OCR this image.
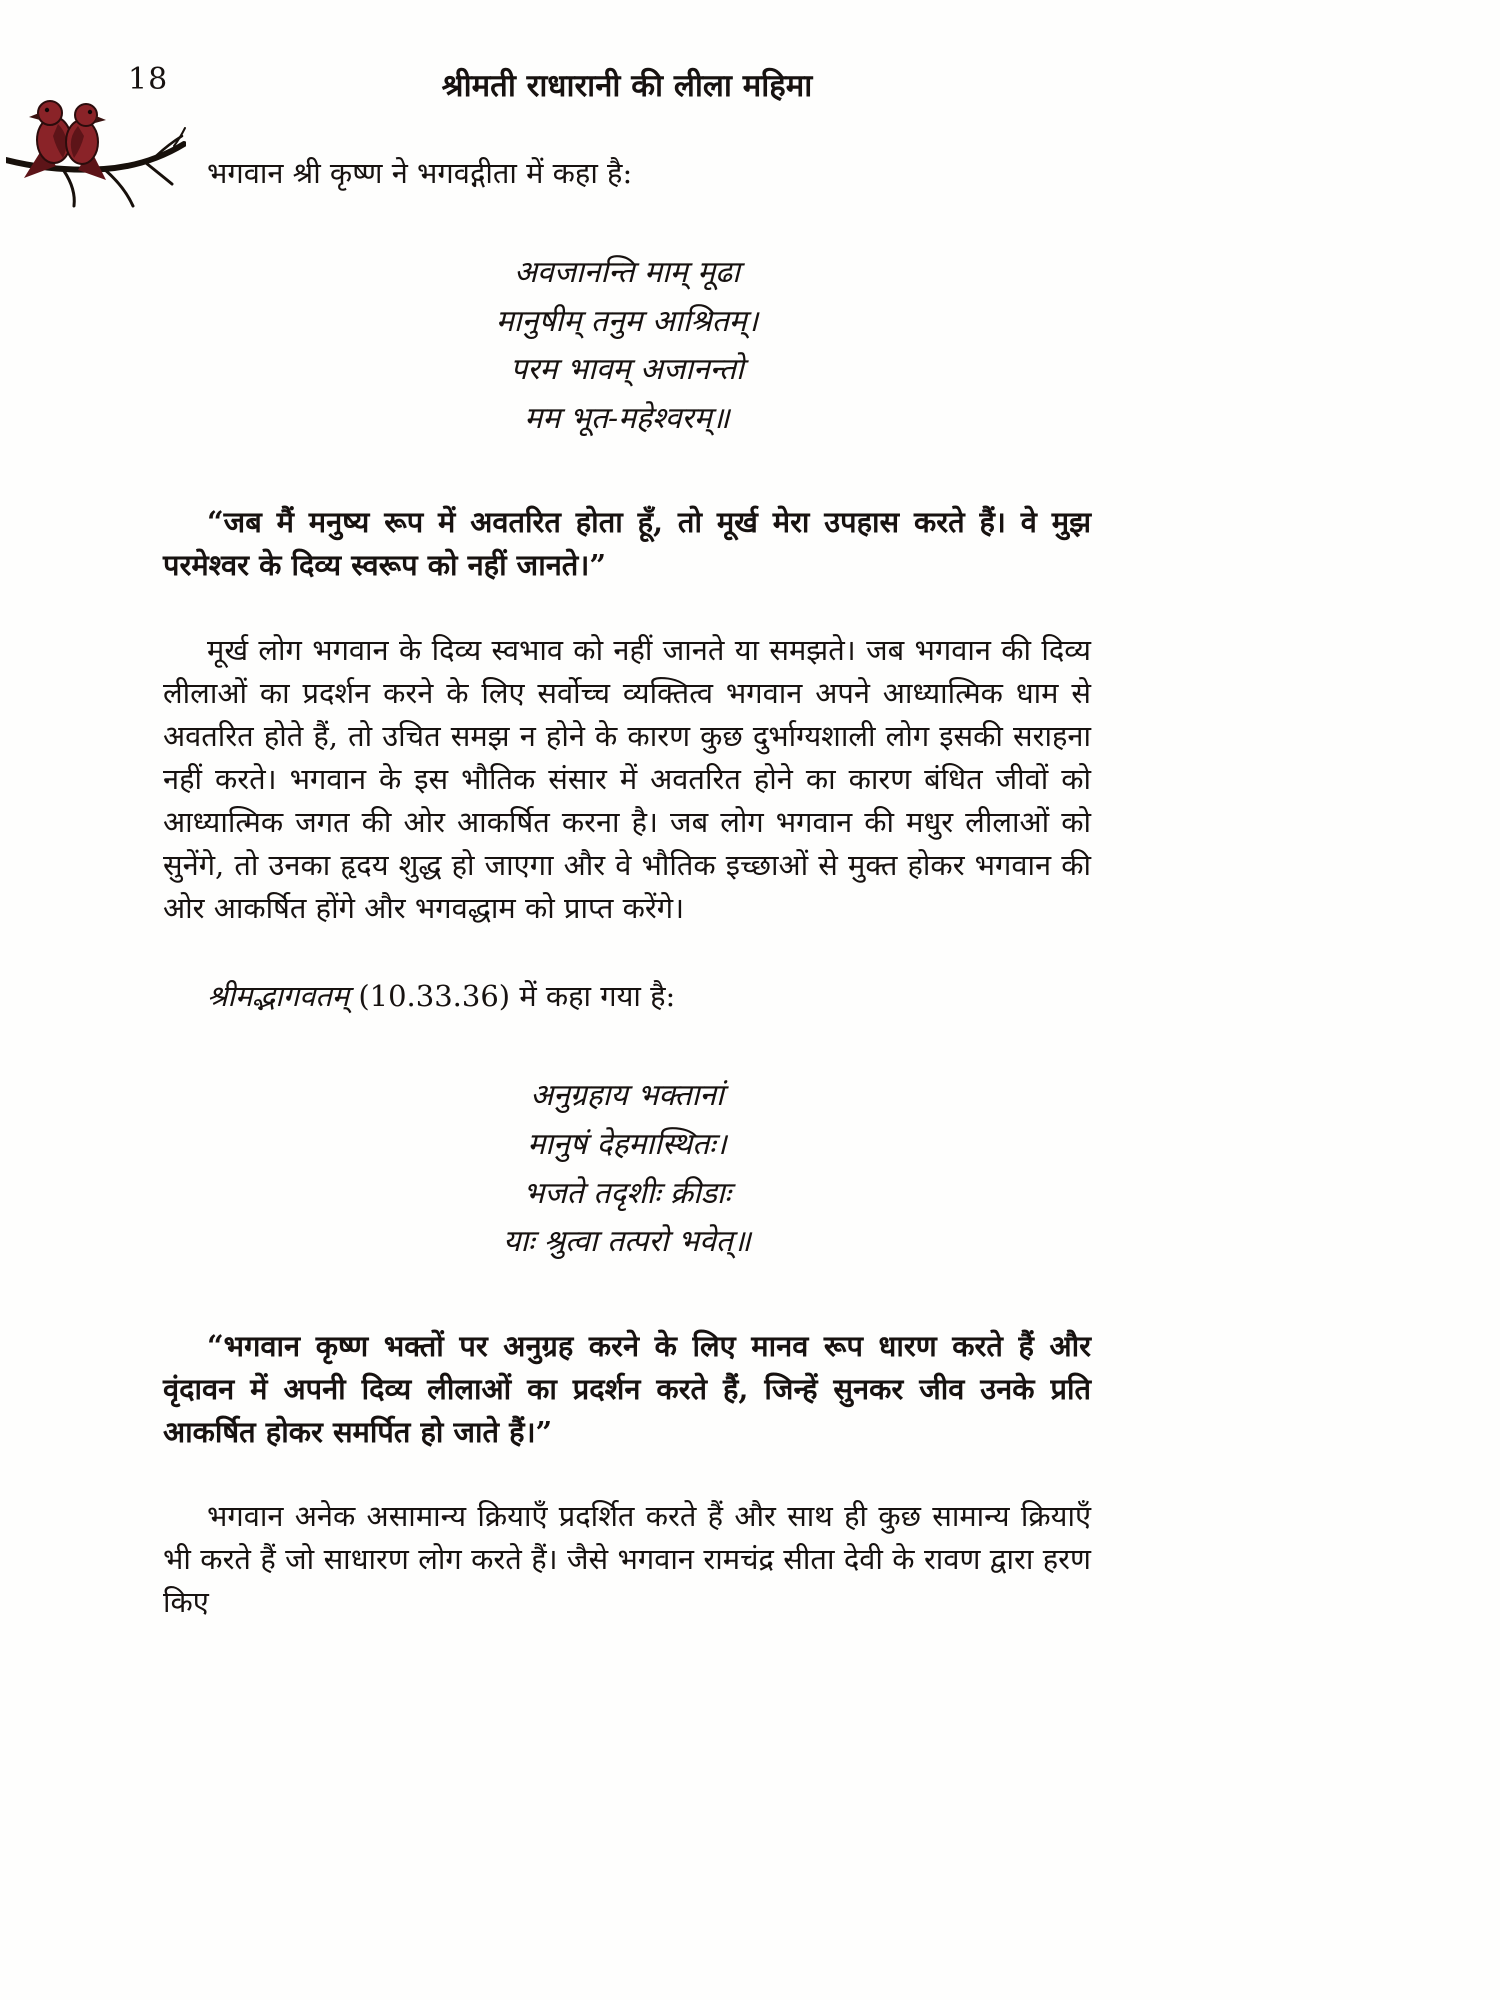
18	श्रीमती राधारानी की लीला महिमा

भगवान श्री कृष्ण ने भगवद्गीता में कहा है:

अवजानन्ति माम् मूढा
मानुषीम् तनुम आश्रितम्।
परम भावम् अजानन्तो
मम भूत-महेश्वरम्॥

“जब मैं मनुष्य रूप में अवतरित होता हूँ, तो मूर्ख मेरा उपहास करते हैं। वे मुझ परमेश्वर के दिव्य स्वरूप को नहीं जानते।”

मूर्ख लोग भगवान के दिव्य स्वभाव को नहीं जानते या समझते। जब भगवान की दिव्य लीलाओं का प्रदर्शन करने के लिए सर्वोच्च व्यक्तित्व भगवान अपने आध्यात्मिक धाम से अवतरित होते हैं, तो उचित समझ न होने के कारण कुछ दुर्भाग्यशाली लोग इसकी सराहना नहीं करते। भगवान के इस भौतिक संसार में अवतरित होने का कारण बंधित जीवों को आध्यात्मिक जगत की ओर आकर्षित करना है। जब लोग भगवान की मधुर लीलाओं को सुनेंगे, तो उनका हृदय शुद्ध हो जाएगा और वे भौतिक इच्छाओं से मुक्त होकर भगवान की ओर आकर्षित होंगे और भगवद्धाम को प्राप्त करेंगे।

श्रीमद्भागवतम् (10.33.36) में कहा गया है:

अनुग्रहाय भक्तानां
मानुषं देहमास्थितः।
भजते तदृशीः क्रीडाः
याः श्रुत्वा तत्परो भवेत्॥

“भगवान कृष्ण भक्तों पर अनुग्रह करने के लिए मानव रूप धारण करते हैं और वृंदावन में अपनी दिव्य लीलाओं का प्रदर्शन करते हैं, जिन्हें सुनकर जीव उनके प्रति आकर्षित होकर समर्पित हो जाते हैं।”

भगवान अनेक असामान्य क्रियाएँ प्रदर्शित करते हैं और साथ ही कुछ सामान्य क्रियाएँ भी करते हैं जो साधारण लोग करते हैं। जैसे भगवान रामचंद्र सीता देवी के रावण द्वारा हरण किए
